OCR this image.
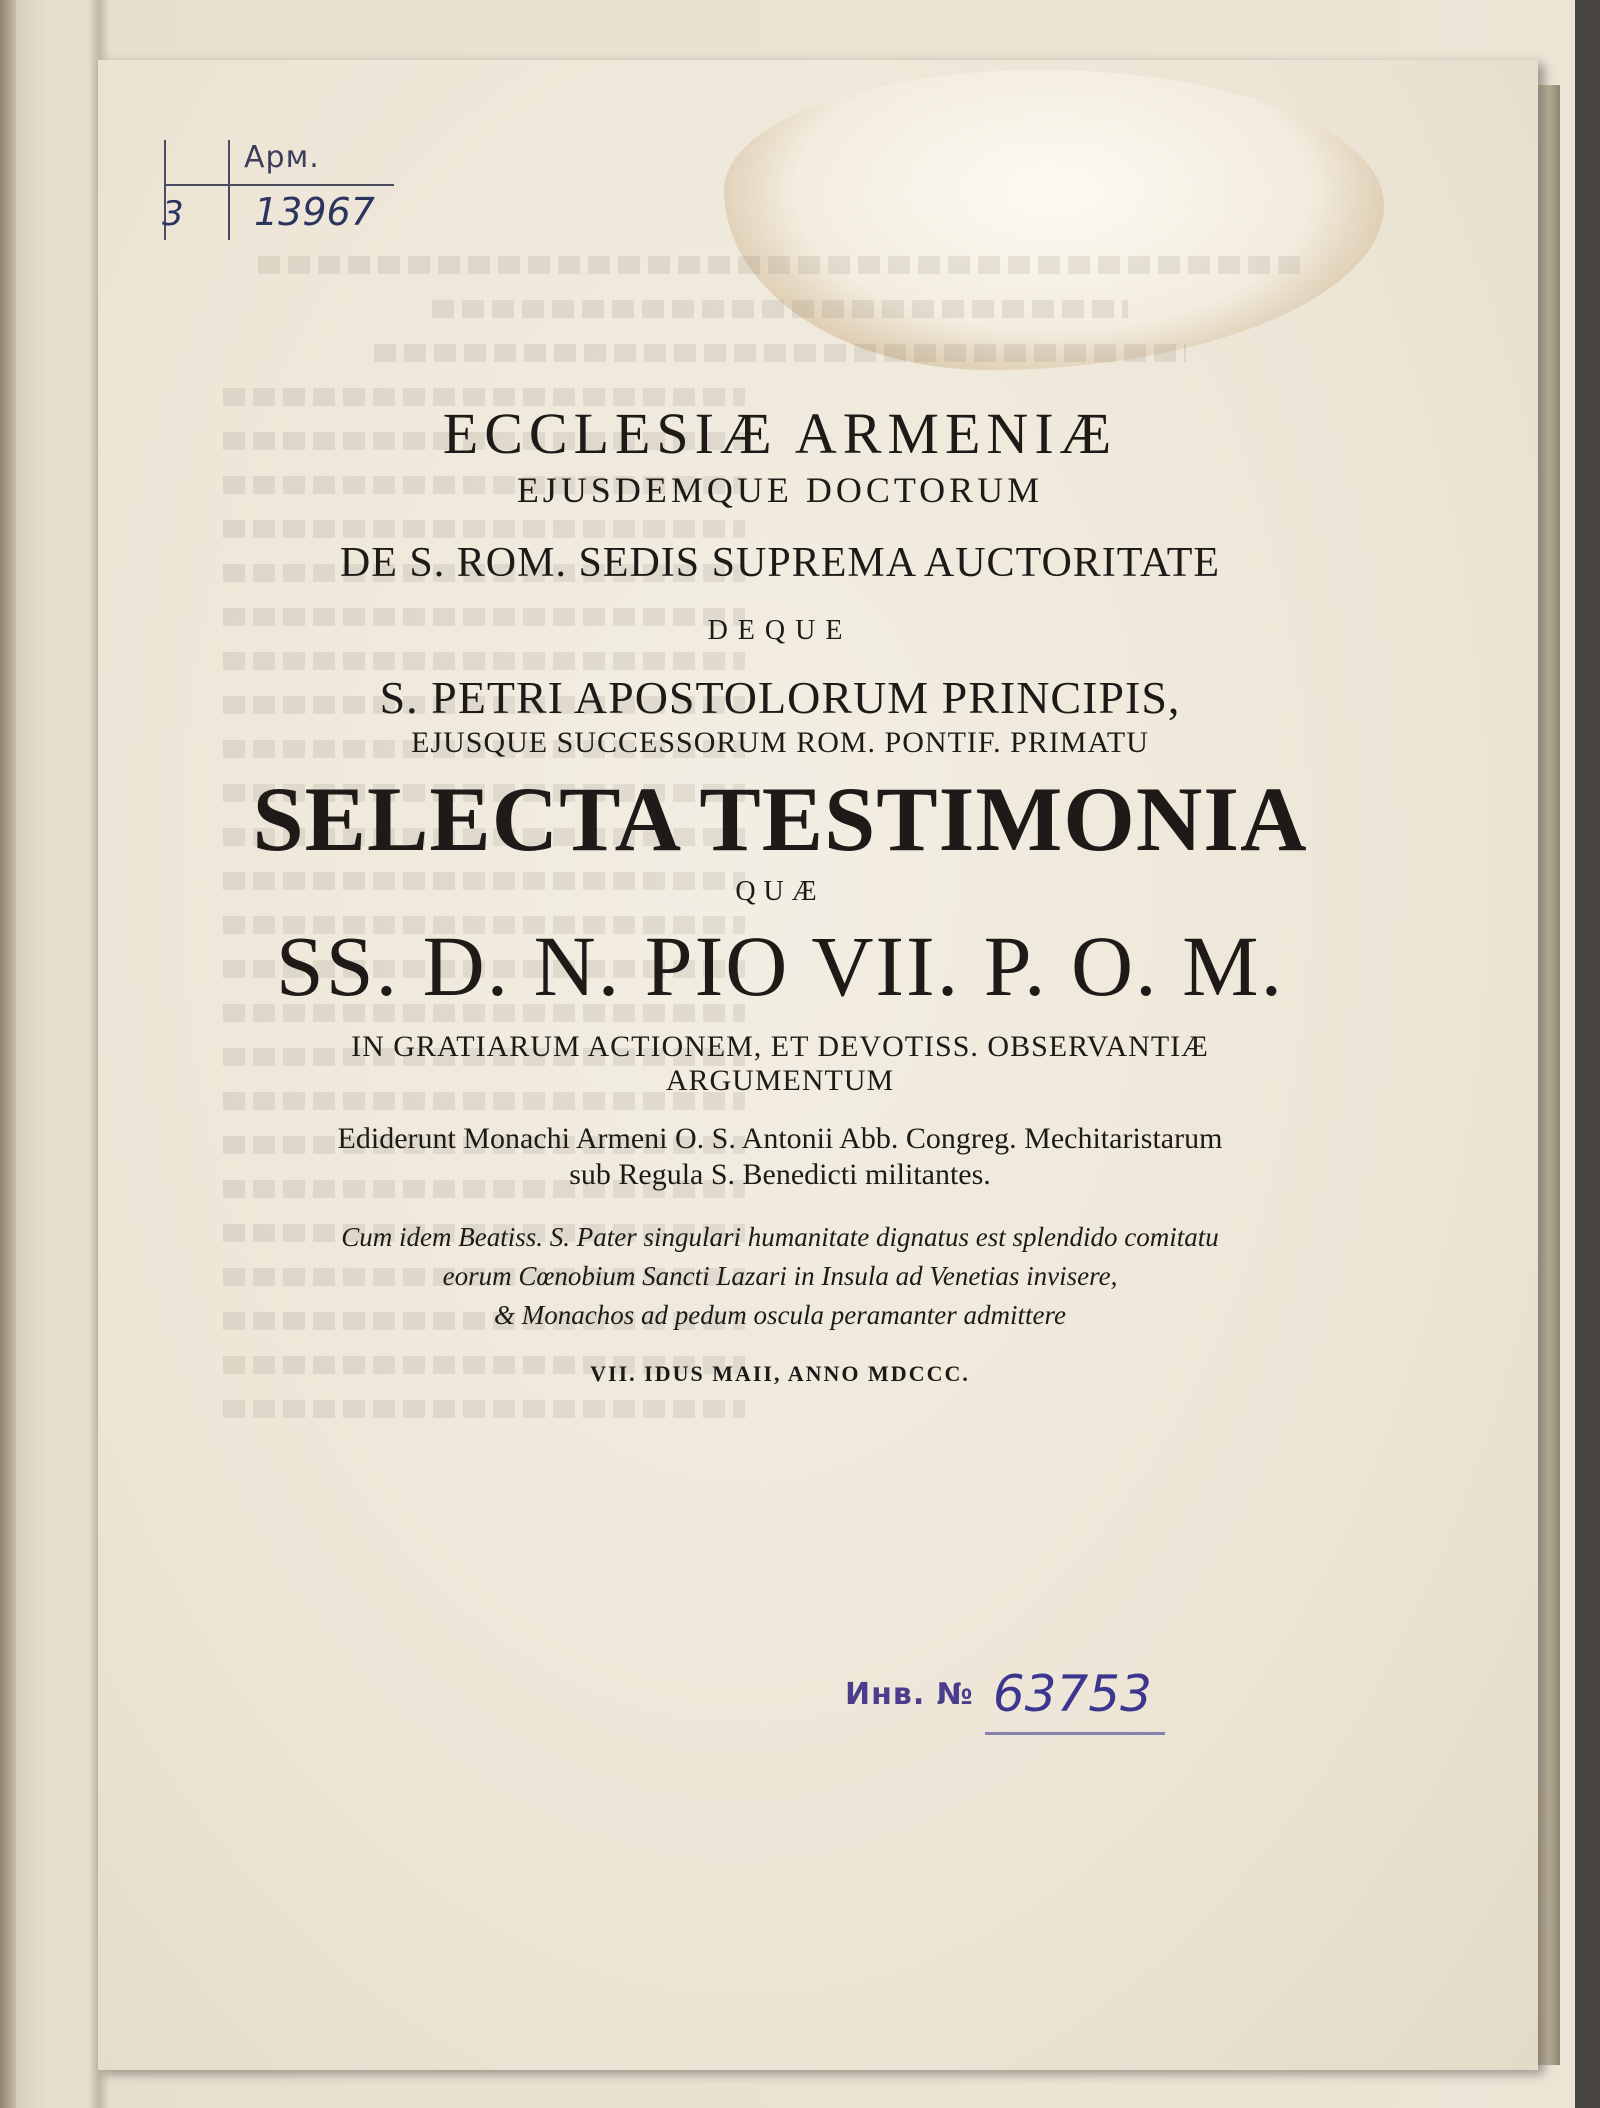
Арм.
3 13967
ECCLESIÆ ARMENIÆ
EJUSDEMQUE DOCTORUM
DE S. ROM. SEDIS SUPREMA AUCTORITATE
DEQUE
S. PETRI APOSTOLORUM PRINCIPIS,
EJUSQUE SUCCESSORUM ROM. PONTIF. PRIMATU
SELECTA TESTIMONIA
QUÆ
SS. D. N. PIO VII. P. O. M.
IN GRATIARUM ACTIONEM, ET DEVOTISS. OBSERVANTIÆ
ARGUMENTUM
Ediderunt Monachi Armeni O. S. Antonii Abb. Congreg. Mechitaristarum
sub Regula S. Benedicti militantes.
Cum idem Beatiss. S. Pater singulari humanitate dignatus est splendido comitatu
eorum Cœnobium Sancti Lazari in Insula ad Venetias invisere,
& Monachos ad pedum oscula peramanter admittere
VII. IDUS MAII, ANNO MDCCC.
Инв. № 63753
